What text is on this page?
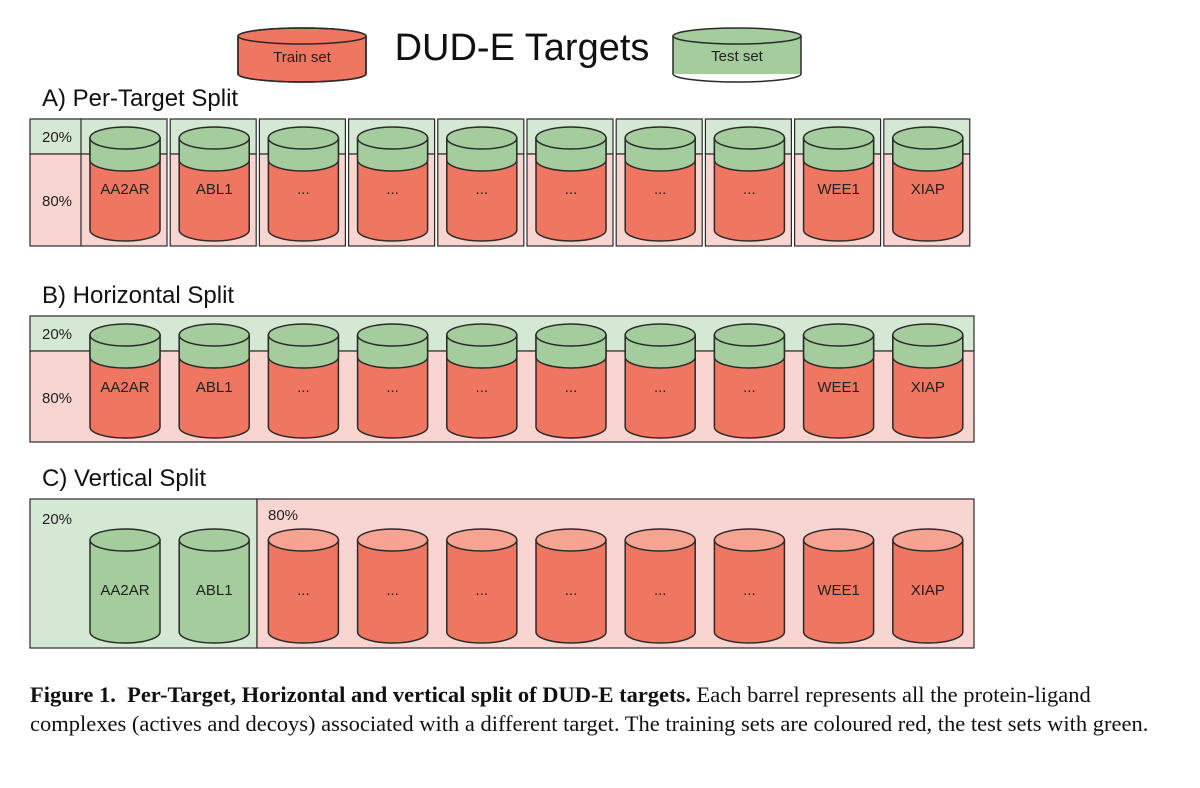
Train set DUD-E Targets	Test set
A) Per-Target Split
20%
80%
AA2AR	ABL1	...	...	...	...	...	...	WEE1	XIAP
B) Horizontal Split
20%
80%
AA2AR	ABL1	...	...	...	...	...	...	WEE1	XIAP
C) Vertical Split
20%	80%
AA2AR	ABL1	...	...	...	...	...	...	WEE1	XIAP

Figure 1. Per-Target, Horizontal and vertical split of DUD-E targets. Each barrel represents all the protein-ligand complexes (actives and decoys) associated with a different target. The training sets are coloured red, the test sets with green.
